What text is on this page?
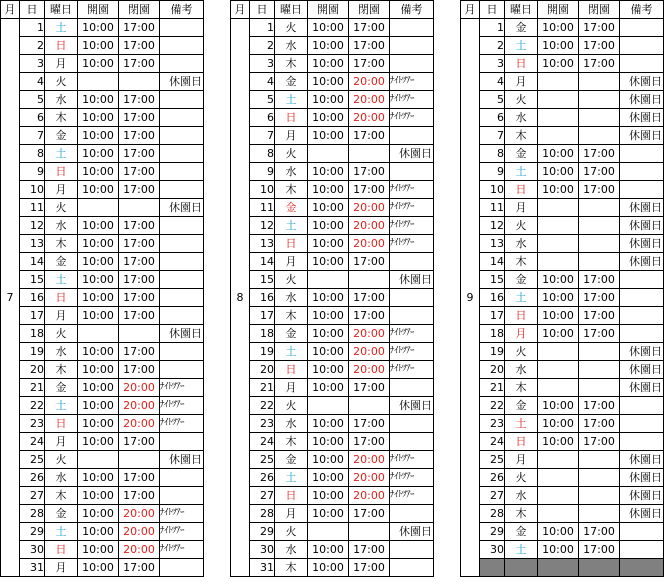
月	日	曜日	開園	閉園	備考
7	1	土	10:00	17:00	
	2	日	10:00	17:00	
	3	月	10:00	17:00	
	4	火			休園日
	5	水	10:00	17:00	
	6	木	10:00	17:00	
	7	金	10:00	17:00	
	8	土	10:00	17:00	
	9	日	10:00	17:00	
	10	月	10:00	17:00	
	11	火			休園日
	12	水	10:00	17:00	
	13	木	10:00	17:00	
	14	金	10:00	17:00	
	15	土	10:00	17:00	
	16	日	10:00	17:00	
	17	月	10:00	17:00	
	18	火			休園日
	19	水	10:00	17:00	
	20	木	10:00	17:00	
	21	金	10:00	20:00	ﾅｲﾄﾂｱｰ
	22	土	10:00	20:00	ﾅｲﾄﾂｱｰ
	23	日	10:00	20:00	ﾅｲﾄﾂｱｰ
	24	月	10:00	17:00	
	25	火			休園日
	26	水	10:00	17:00	
	27	木	10:00	17:00	
	28	金	10:00	20:00	ﾅｲﾄﾂｱｰ
	29	土	10:00	20:00	ﾅｲﾄﾂｱｰ
	30	日	10:00	20:00	ﾅｲﾄﾂｱｰ
	31	月	10:00	17:00	
月	日	曜日	開園	閉園	備考
8	1	火	10:00	17:00	
	2	水	10:00	17:00	
	3	木	10:00	17:00	
	4	金	10:00	20:00	ﾅｲﾄﾂｱｰ
	5	土	10:00	20:00	ﾅｲﾄﾂｱｰ
	6	日	10:00	20:00	ﾅｲﾄﾂｱｰ
	7	月	10:00	17:00	
	8	火			休園日
	9	水	10:00	17:00	
	10	木	10:00	17:00	ﾅｲﾄﾂｱｰ
	11	金	10:00	20:00	ﾅｲﾄﾂｱｰ
	12	土	10:00	20:00	ﾅｲﾄﾂｱｰ
	13	日	10:00	20:00	ﾅｲﾄﾂｱｰ
	14	月	10:00	17:00	
	15	火			休園日
	16	水	10:00	17:00	
	17	木	10:00	17:00	
	18	金	10:00	20:00	ﾅｲﾄﾂｱｰ
	19	土	10:00	20:00	ﾅｲﾄﾂｱｰ
	20	日	10:00	20:00	ﾅｲﾄﾂｱｰ
	21	月	10:00	17:00	
	22	火			休園日
	23	水	10:00	17:00	
	24	木	10:00	17:00	
	25	金	10:00	20:00	ﾅｲﾄﾂｱｰ
	26	土	10:00	20:00	ﾅｲﾄﾂｱｰ
	27	日	10:00	20:00	ﾅｲﾄﾂｱｰ
	28	月	10:00	17:00	
	29	火			休園日
	30	水	10:00	17:00	
	31	木	10:00	17:00	
月	日	曜日	開園	閉園	備考
9	1	金	10:00	17:00	
	2	土	10:00	17:00	
	3	日	10:00	17:00	
	4	月			休園日
	5	火			休園日
	6	水			休園日
	7	木			休園日
	8	金	10:00	17:00	
	9	土	10:00	17:00	
	10	日	10:00	17:00	
	11	月			休園日
	12	火			休園日
	13	水			休園日
	14	木			休園日
	15	金	10:00	17:00	
	16	土	10:00	17:00	
	17	日	10:00	17:00	
	18	月	10:00	17:00	
	19	火			休園日
	20	水			休園日
	21	木			休園日
	22	金	10:00	17:00	
	23	土	10:00	17:00	
	24	日	10:00	17:00	
	25	月			休園日
	26	火			休園日
	27	水			休園日
	28	木			休園日
	29	金	10:00	17:00	
	30	土	10:00	17:00	
